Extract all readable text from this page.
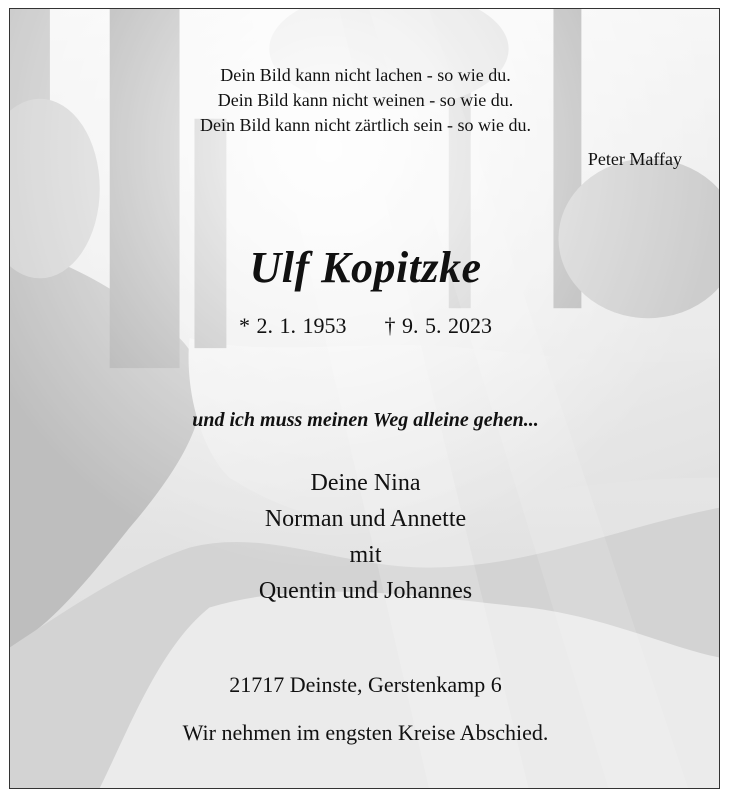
Dein Bild kann nicht lachen - so wie du.
Dein Bild kann nicht weinen - so wie du.
Dein Bild kann nicht zärtlich sein - so wie du.
Peter Maffay
Ulf Kopitzke
* 2. 1. 1953 † 9. 5. 2023
und ich muss meinen Weg alleine gehen...
Deine Nina
Norman und Annette
mit
Quentin und Johannes
21717 Deinste, Gerstenkamp 6
Wir nehmen im engsten Kreise Abschied.
